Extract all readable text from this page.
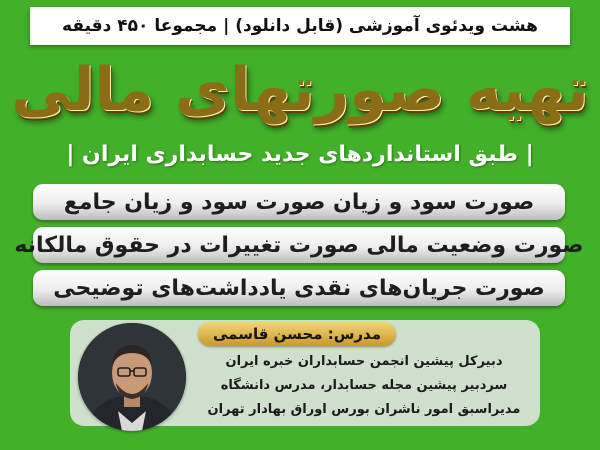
هشت ویدئوی آموزشی (قابل دانلود) | مجموعا ۴۵۰ دقیقه
تهیه صورتهای مالی
| طبق استانداردهای جدید حسابداری ایران |
صورت سود و زیان صورت سود و زیان جامع
صورت وضعیت مالی صورت تغییرات در حقوق مالکانه
صورت جریان‌های نقدی یادداشت‌های توضیحی
مدرس: محسن قاسمی
دبیرکل پیشین انجمن حسابداران خبره ایران
سردبیر پیشین مجله حسابدار، مدرس دانشگاه
مدیراسبق امور ناشران بورس اوراق بهادار تهران
